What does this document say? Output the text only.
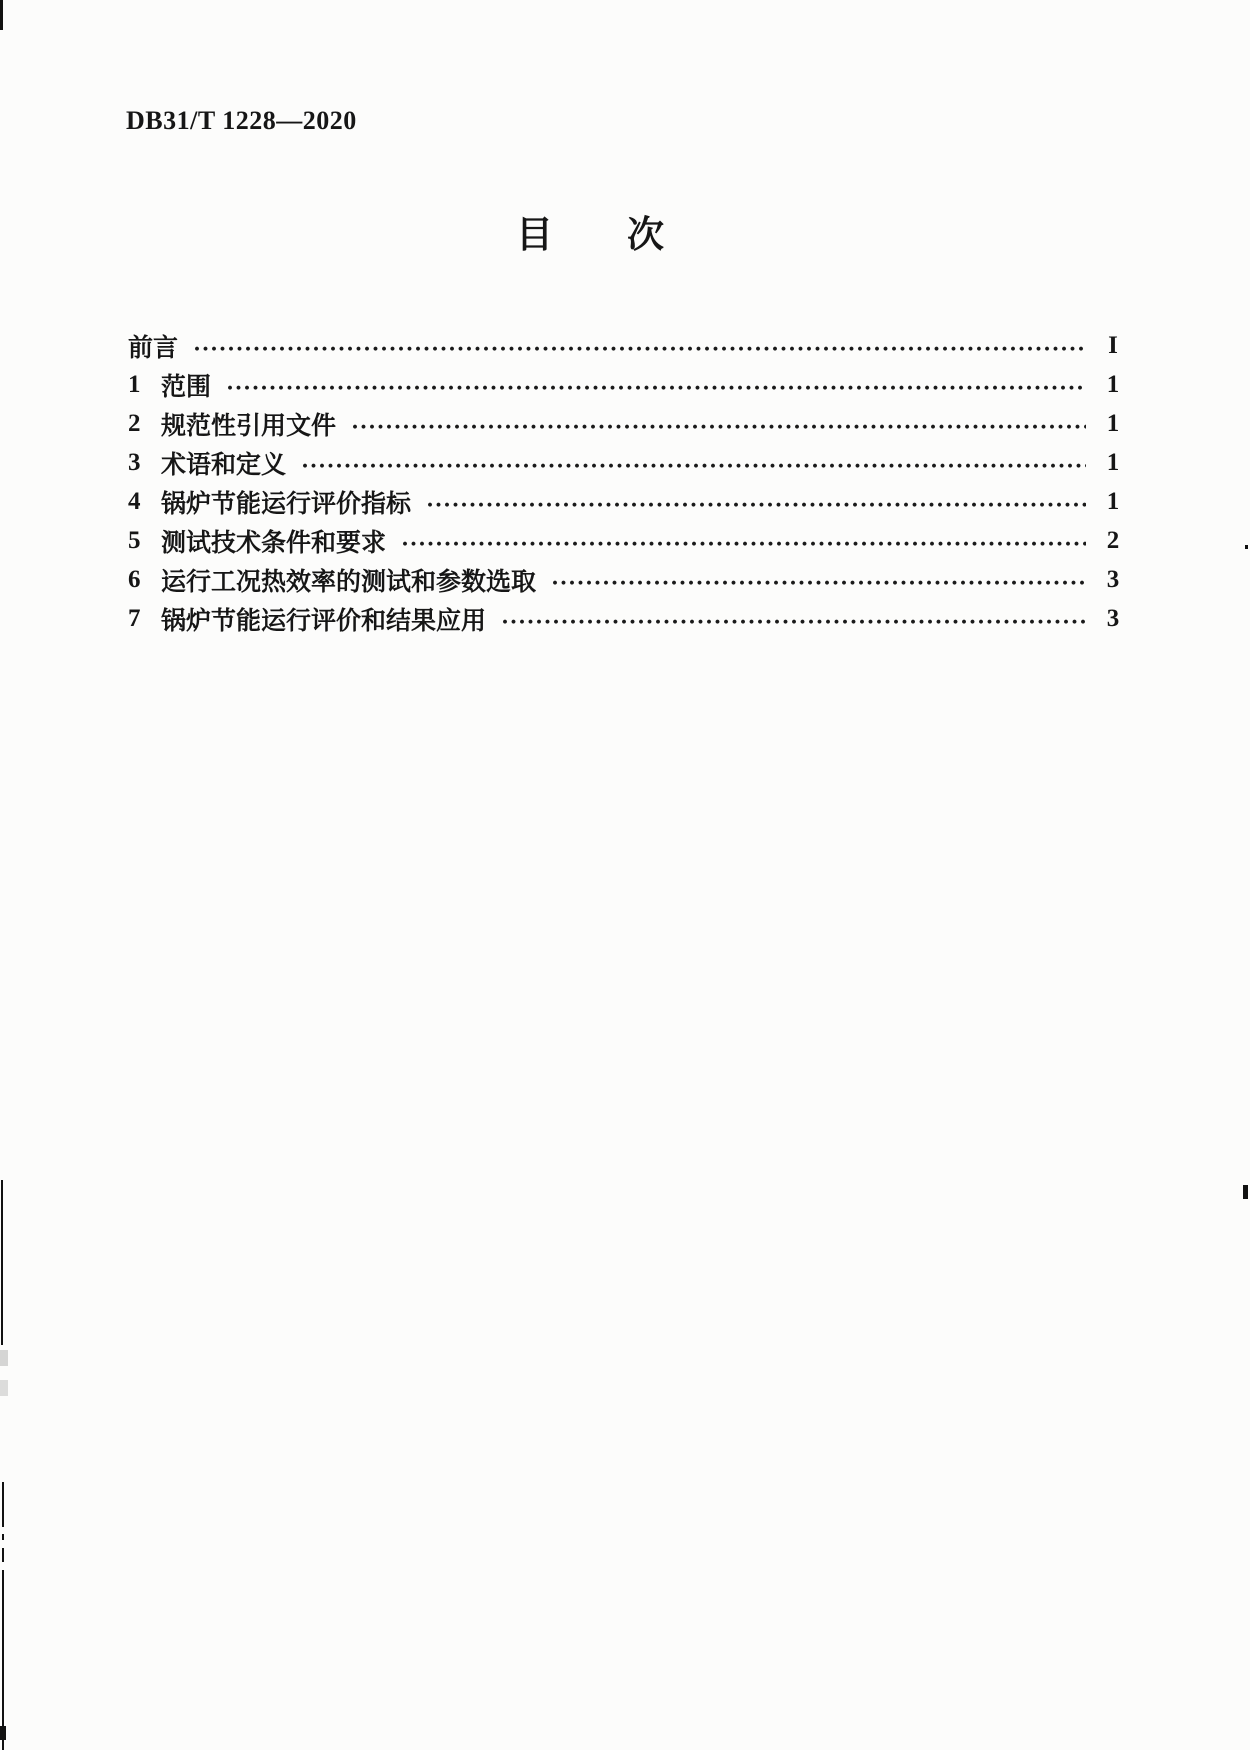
DB31/T 1228—2020
目　　次
前言	I
1 范围	1
2 规范性引用文件	1
3 术语和定义	1
4 锅炉节能运行评价指标	1
5 测试技术条件和要求	2
6 运行工况热效率的测试和参数选取	3
7 锅炉节能运行评价和结果应用	3
